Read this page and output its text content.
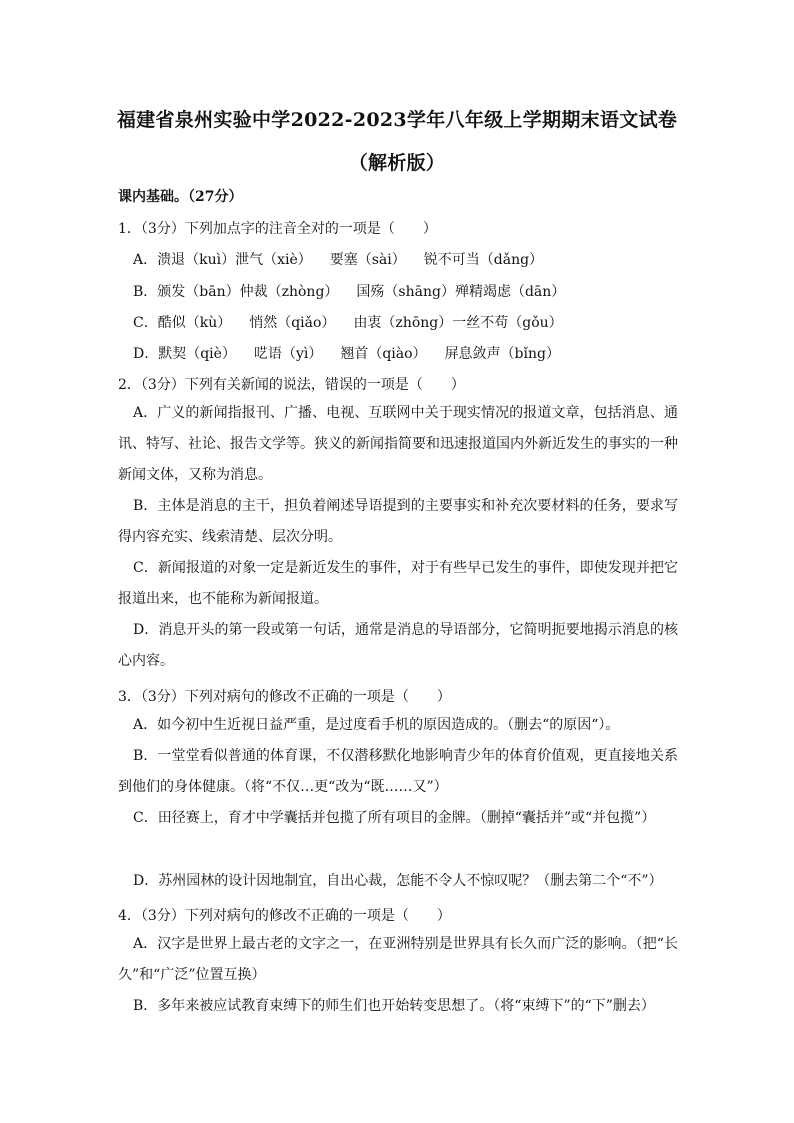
福建省泉州实验中学2022-2023学年八年级上学期期末语文试卷
（解析版）
课内基础。（27分）
1．（3分）下列加点字的注音全对的一项是（　　）
A．溃退（kuì）泄气（xiè） 要塞（sài） 锐不可当（dǎng）
B．颁发（bān）仲裁（zhòng） 国殇（shāng）殚精竭虑（dān）
C．酷似（kù） 悄然（qiǎo） 由衷（zhōng）一丝不苟（gǒu）
D．默契（qiè） 呓语（yì） 翘首（qiào） 屏息敛声（bǐng）
2．（3分）下列有关新闻的说法，错误的一项是（　　）
A．广义的新闻指报刊、广播、电视、互联网中关于现实情况的报道文章，包括消息、通讯、特写、社论、报告文学等。狭义的新闻指简要和迅速报道国内外新近发生的事实的一种新闻文体，又称为消息。
B．主体是消息的主干，担负着阐述导语提到的主要事实和补充次要材料的任务，要求写得内容充实、线索清楚、层次分明。
C．新闻报道的对象一定是新近发生的事件，对于有些早已发生的事件，即使发现并把它报道出来，也不能称为新闻报道。
D．消息开头的第一段或第一句话，通常是消息的导语部分，它简明扼要地揭示消息的核心内容。
3．（3分）下列对病句的修改不正确的一项是（　　）
A．如今初中生近视日益严重，是过度看手机的原因造成的。（删去“的原因“）。
B．一堂堂看似普通的体育课，不仅潜移默化地影响青少年的体育价值观，更直接地关系到他们的身体健康。（将“不仅…更“改为“既……又”）
C．田径赛上，育才中学囊括并包揽了所有项目的金牌。（删掉“囊括并”或“并包揽”）
D．苏州园林的设计因地制宜，自出心裁，怎能不令人不惊叹呢？（删去第二个“不”）
4．（3分）下列对病句的修改不正确的一项是（　　）
A．汉字是世界上最古老的文字之一，在亚洲特别是世界具有长久而广泛的影响。（把“长久”和“广泛”位置互换）
B．多年来被应试教育束缚下的师生们也开始转变思想了。（将“束缚下”的“下”删去）
